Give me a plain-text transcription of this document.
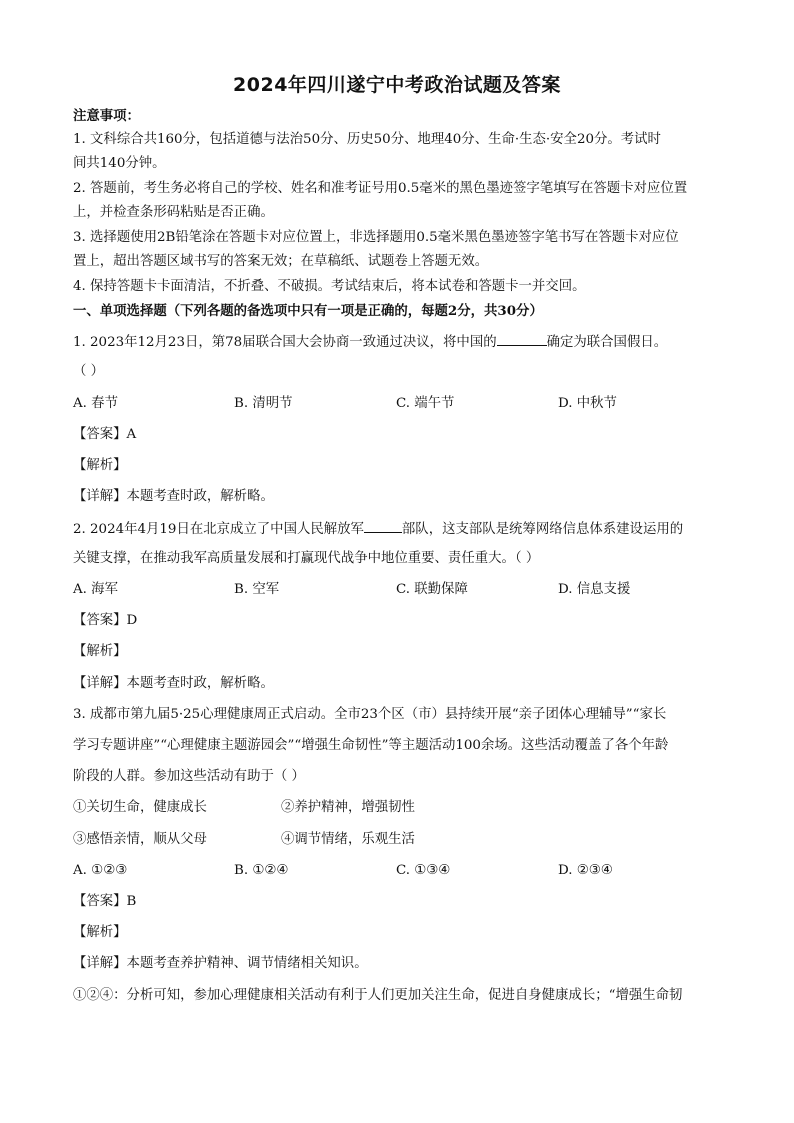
2024年四川遂宁中考政治试题及答案
注意事项：
1. 文科综合共160分，包括道德与法治50分、历史50分、地理40分、生命·生态·安全20分。考试时
间共140分钟。
2. 答题前，考生务必将自己的学校、姓名和准考证号用0.5毫米的黑色墨迹签字笔填写在答题卡对应位置
上，并检查条形码粘贴是否正确。
3. 选择题使用2B铅笔涂在答题卡对应位置上，非选择题用0.5毫米黑色墨迹签字笔书写在答题卡对应位
置上，超出答题区域书写的答案无效；在草稿纸、试题卷上答题无效。
4. 保持答题卡卡面清洁，不折叠、不破损。考试结束后，将本试卷和答题卡一并交回。
一、单项选择题（下列各题的备选项中只有一项是正确的，每题2分，共30分）
1. 2023年12月23日，第78届联合国大会协商一致通过决议，将中国的	确定为联合国假日。
（ ）
A. 春节	B. 清明节	C. 端午节	D. 中秋节
【答案】A
【解析】
【详解】本题考查时政，解析略。
2. 2024年4月19日在北京成立了中国人民解放军	部队，这支部队是统筹网络信息体系建设运用的
关键支撑，在推动我军高质量发展和打赢现代战争中地位重要、责任重大。（ ）
A. 海军	B. 空军	C. 联勤保障	D. 信息支援
【答案】D
【解析】
【详解】本题考查时政，解析略。
3. 成都市第九届5·25心理健康周正式启动。全市23个区（市）县持续开展“亲子团体心理辅导”“家长
学习专题讲座”“心理健康主题游园会”“增强生命韧性”等主题活动100余场。这些活动覆盖了各个年龄
阶段的人群。参加这些活动有助于（ ）
①关切生命，健康成长	②养护精神，增强韧性
③感悟亲情，顺从父母	④调节情绪，乐观生活
A. ①②③	B. ①②④	C. ①③④	D. ②③④
【答案】B
【解析】
【详解】本题考查养护精神、调节情绪相关知识。
①②④：分析可知，参加心理健康相关活动有利于人们更加关注生命，促进自身健康成长；“增强生命韧
